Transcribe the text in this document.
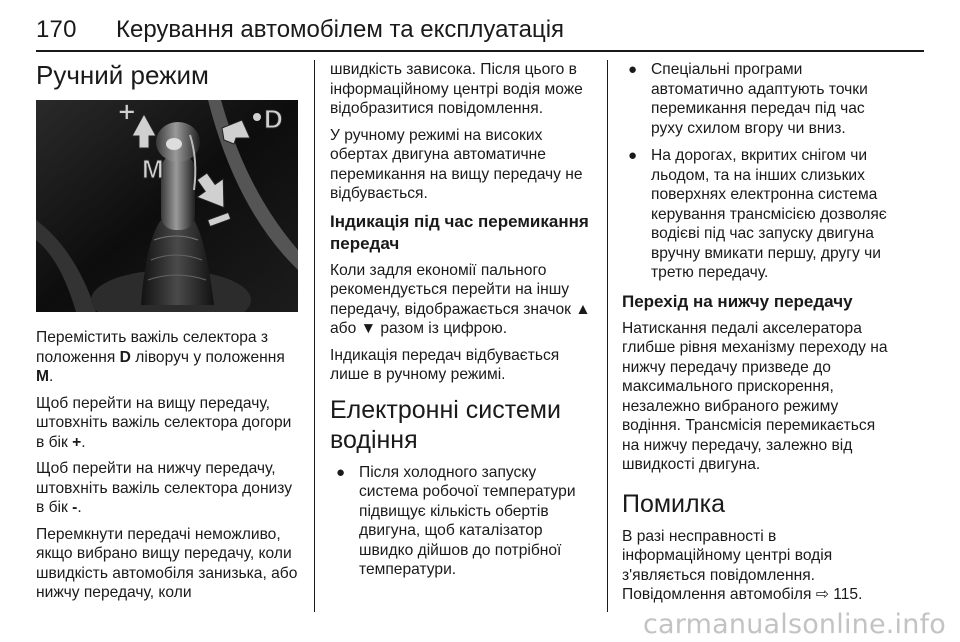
170 Керування автомобілем та експлуатація
Ручний режим
+
M
D

Перемістить важіль селектора з положення D ліворуч у положення M.

Щоб перейти на вищу передачу, штовхніть важіль селектора догори в бік +.

Щоб перейти на нижчу передачу, штовхніть важіль селектора донизу в бік -.

Перемкнути передачі неможливо, якщо вибрано вищу передачу, коли швидкість автомобіля занизька, або нижчу передачу, коли

швидкість зависока. Після цього в інформаційному центрі водія може відобразитися повідомлення.

У ручному режимі на високих обертах двигуна автоматичне перемикання на вищу передачу не відбувається.

Індикація під час перемикання передач

Коли задля економії пального рекомендується перейти на іншу передачу, відображається значок ▲ або ▼ разом із цифрою.

Індикація передач відбувається лише в ручному режимі.

Електронні системи водіння
● Після холодного запуску система робочої температури підвищує кількість обертів двигуна, щоб каталізатор швидко дійшов до потрібної температури.
● Спеціальні програми автоматично адаптують точки перемикання передач під час руху схилом вгору чи вниз.
● На дорогах, вкритих снігом чи льодом, та на інших слизьких поверхнях електронна система керування трансмісією дозволяє водієві під час запуску двигуна вручну вмикати першу, другу чи третю передачу.
Перехід на нижчу передачу

Натискання педалі акселератора глибше рівня механізму переходу на нижчу передачу призведе до максимального прискорення, незалежно вибраного режиму водіння. Трансмісія перемикається на нижчу передачу, залежно від швидкості двигуна.

Помилка

В разі несправності в інформаційному центрі водія з'являється повідомлення. Повідомлення автомобіля ⇨ 115.

carmanualsonline.info
